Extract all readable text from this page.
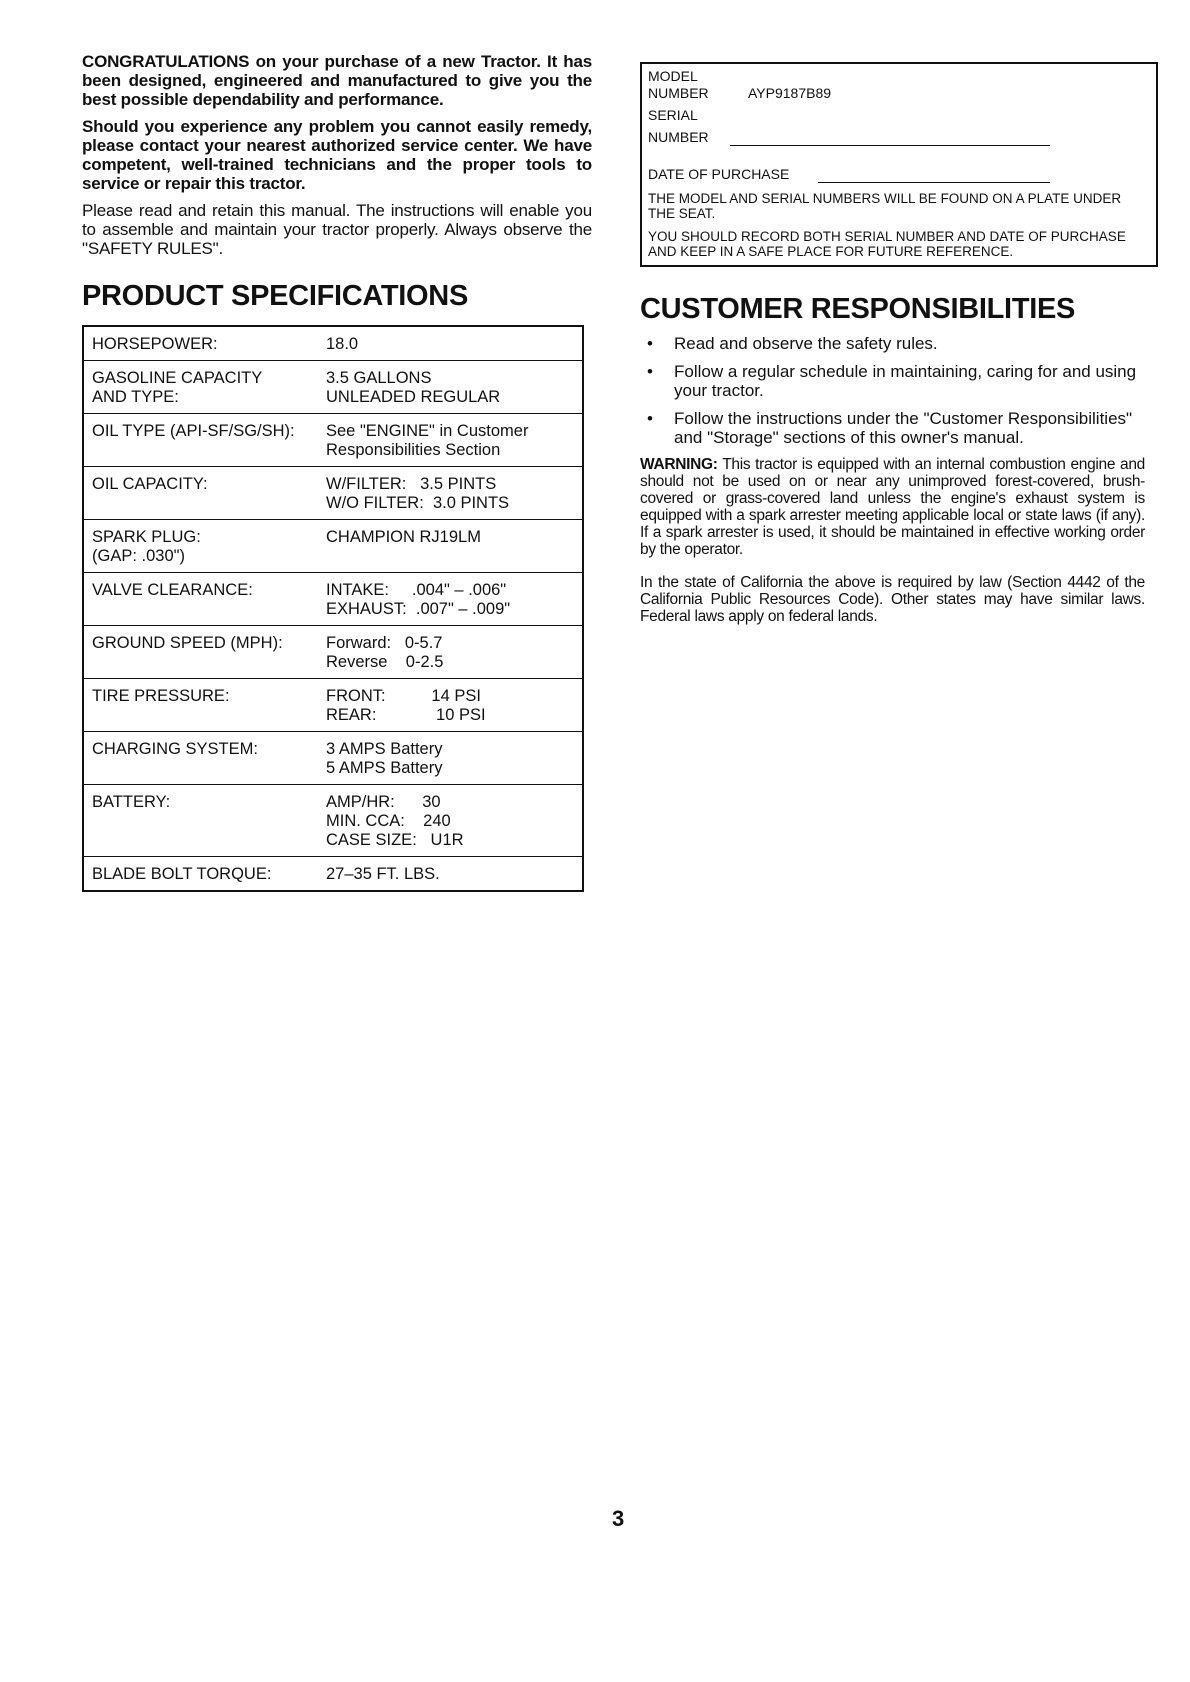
CONGRATULATIONS on your purchase of a new Tractor. It has been designed, engineered and manufactured to give you the best possible dependability and performance.

Should you experience any problem you cannot easily remedy, please contact your nearest authorized service center. We have competent, well-trained technicians and the proper tools to service or repair this tractor.

Please read and retain this manual. The instructions will enable you to assemble and maintain your tractor properly. Always observe the "SAFETY RULES".

PRODUCT SPECIFICATIONS
HORSEPOWER:	18.0

GASOLINE CAPACITY
AND TYPE:	3.5 GALLONS
UNLEADED REGULAR

OIL TYPE (API-SF/SG/SH):	See "ENGINE" in Customer
Responsibilities Section

OIL CAPACITY:	W/FILTER:   3.5 PINTS
W/O FILTER:  3.0 PINTS

SPARK PLUG:
(GAP: .030")	CHAMPION RJ19LM

VALVE CLEARANCE:	INTAKE:     .004" – .006"
EXHAUST:  .007" – .009"

GROUND SPEED (MPH):	Forward:   0-5.7
Reverse    0-2.5

TIRE PRESSURE:	FRONT:          14 PSI
REAR:             10 PSI

CHARGING SYSTEM:	3 AMPS Battery
5 AMPS Battery

BATTERY:	AMP/HR:      30
MIN. CCA:    240
CASE SIZE:   U1R

BLADE BOLT TORQUE:	27–35 FT. LBS.
MODEL
NUMBER	AYP9187B89
SERIAL
NUMBER
DATE OF PURCHASE

THE MODEL AND SERIAL NUMBERS WILL BE FOUND ON A PLATE UNDER THE SEAT.

YOU SHOULD RECORD BOTH SERIAL NUMBER AND DATE OF PURCHASE AND KEEP IN A SAFE PLACE FOR FUTURE REFERENCE.

CUSTOMER RESPONSIBILITIES
•	Read and observe the safety rules.
•	Follow a regular schedule in maintaining, caring for and using your tractor.
•	Follow the instructions under the "Customer Responsibilities" and "Storage" sections of this owner's manual.

WARNING: This tractor is equipped with an internal combustion engine and should not be used on or near any unimproved forest-covered, brush-covered or grass-covered land unless the engine's exhaust system is equipped with a spark arrester meeting applicable local or state laws (if any). If a spark arrester is used, it should be maintained in effective working order by the operator.

In the state of California the above is required by law (Section 4442 of the California Public Resources Code). Other states may have similar laws. Federal laws apply on federal lands.

3
